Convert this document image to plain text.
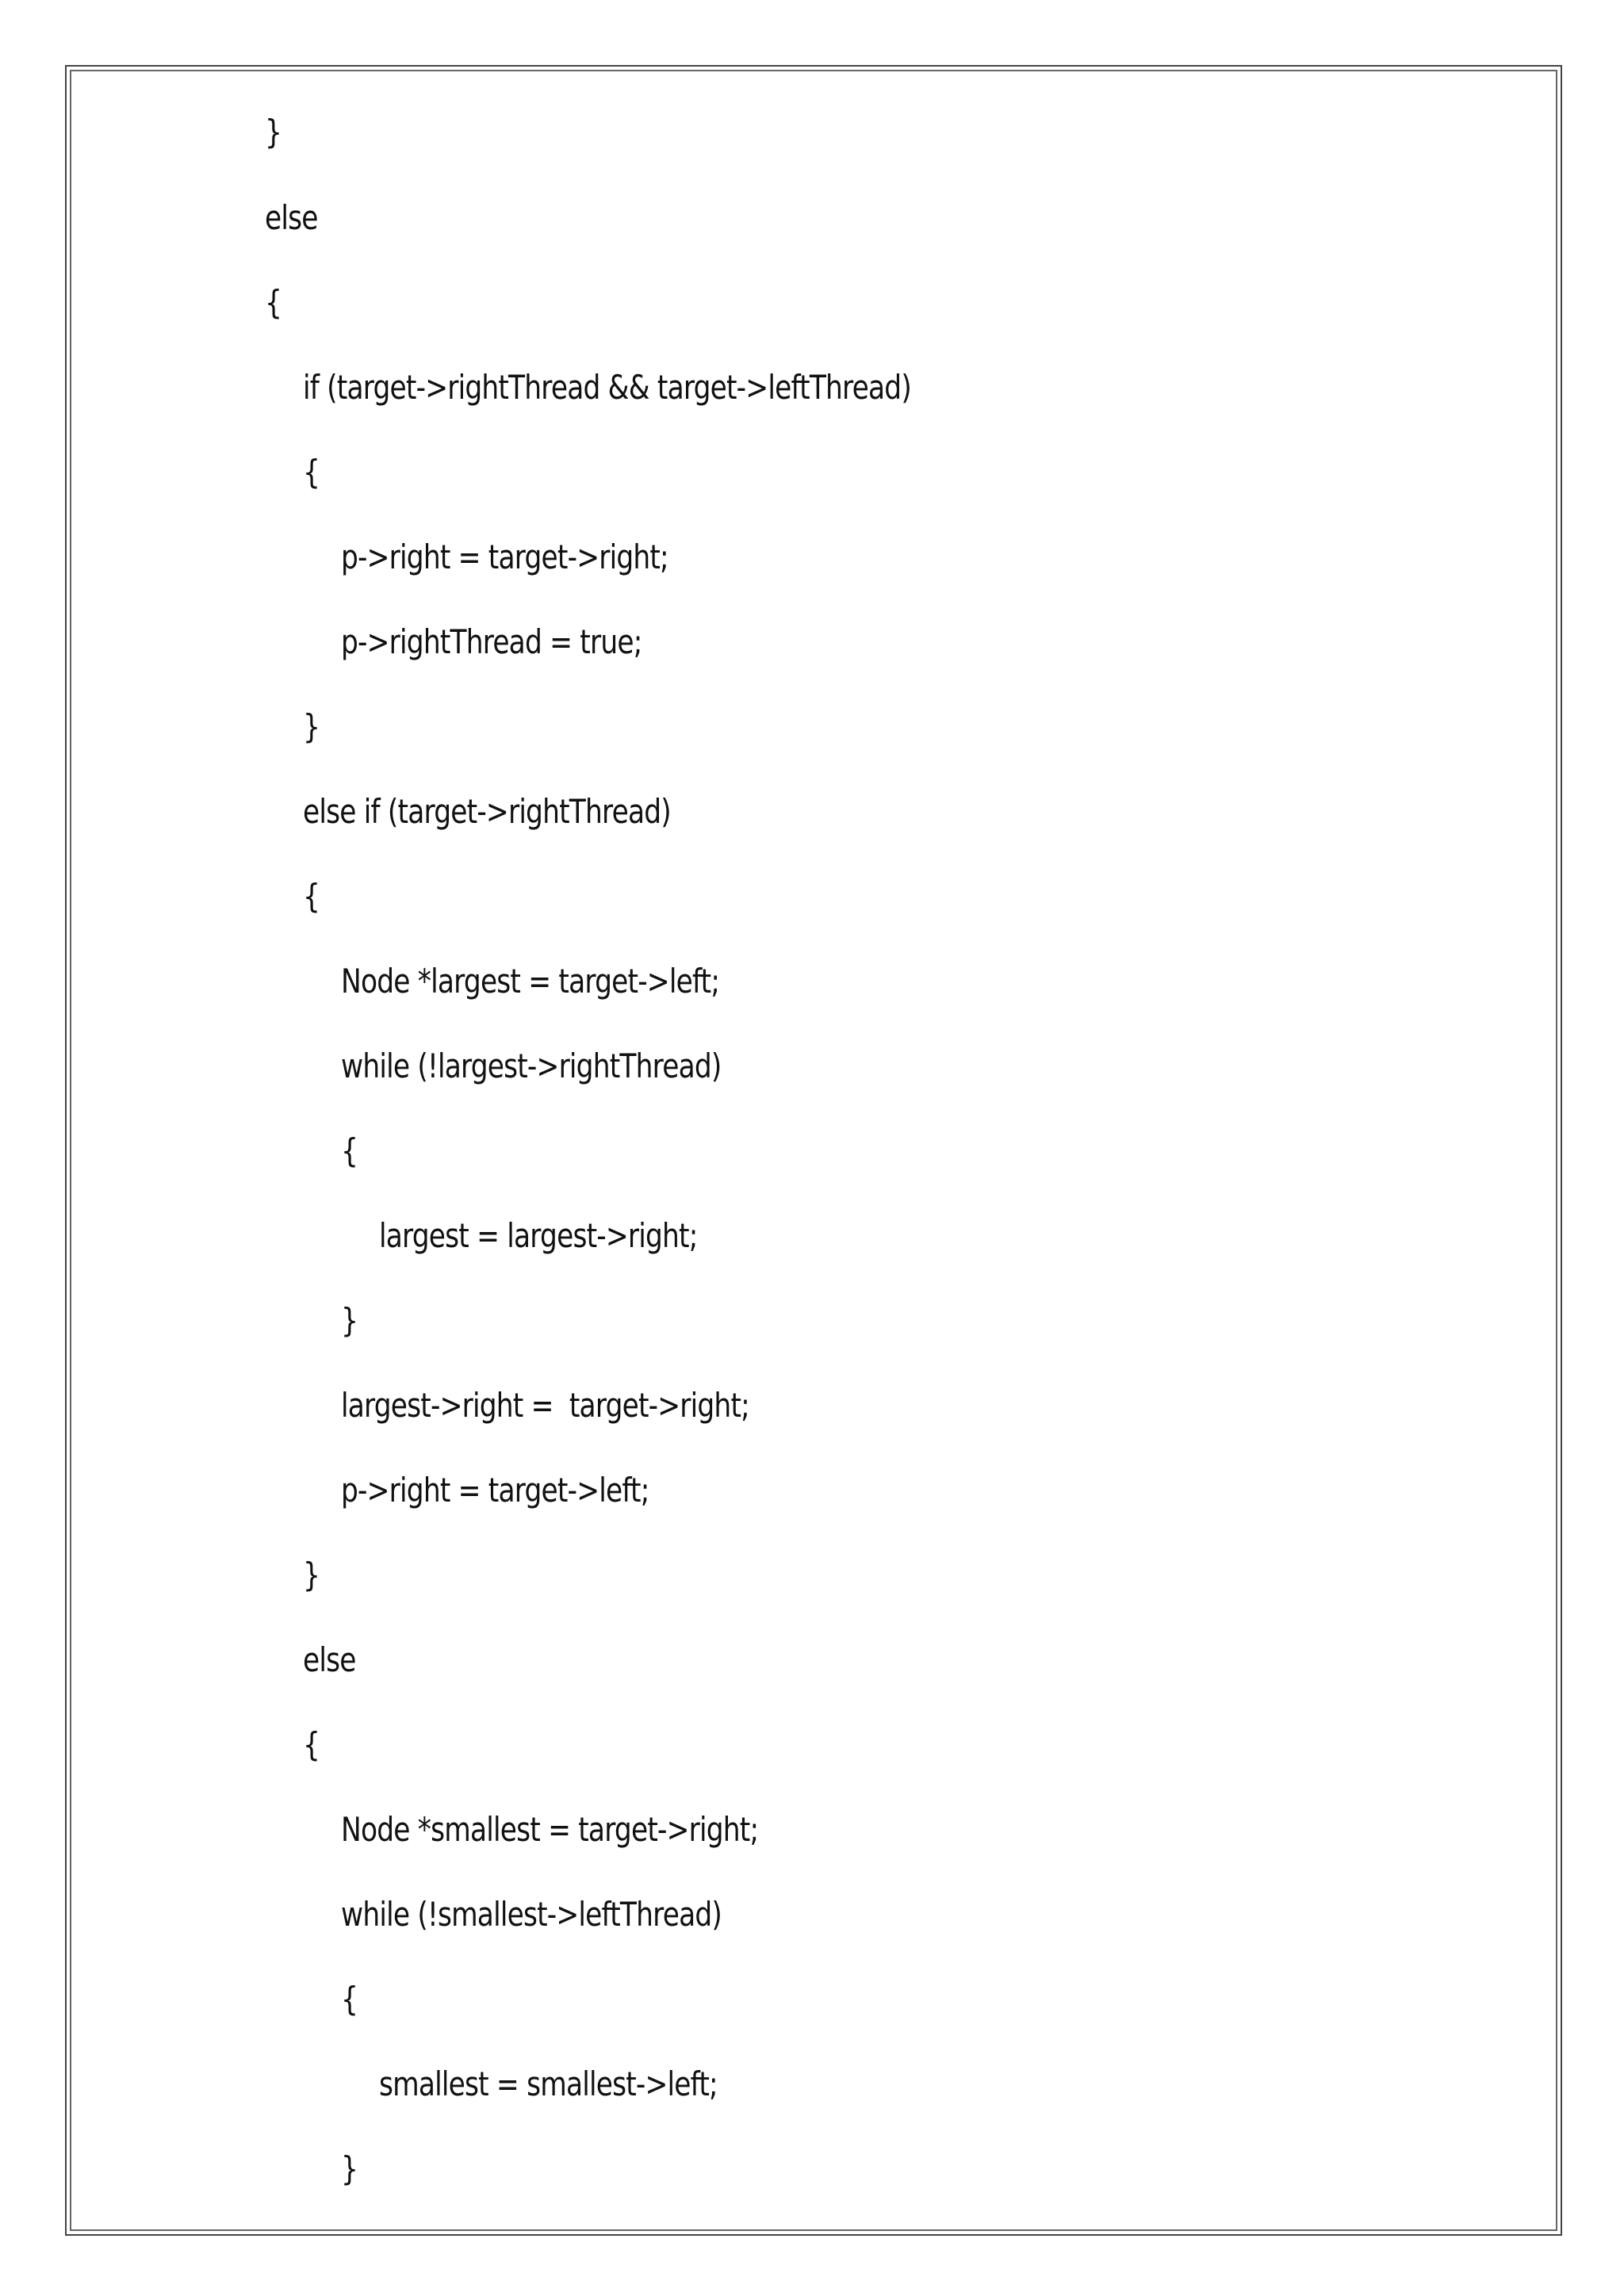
}
else
{
if (target->rightThread && target->leftThread)
{
p->right = target->right;
p->rightThread = true;
}
else if (target->rightThread)
{
Node *largest = target->left;
while (!largest->rightThread)
{
largest = largest->right;
}
largest->right =  target->right;
p->right = target->left;
}
else
{
Node *smallest = target->right;
while (!smallest->leftThread)
{
smallest = smallest->left;
}
